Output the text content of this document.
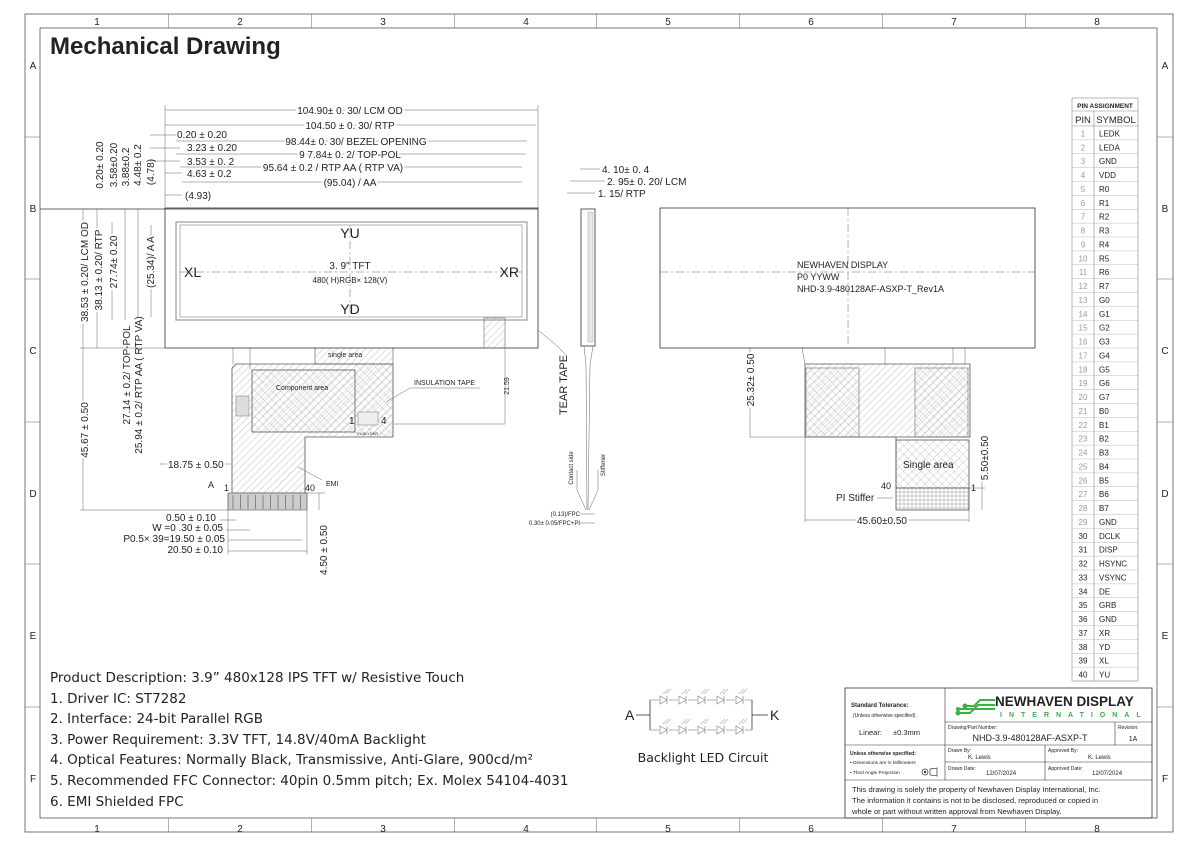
1
1
2
2
3
3
4
4
5
5
6
6
7
7
8
8
A	A
B	B
C	C
D	D
E	E
F	F
Mechanical Drawing
YU
YD
XL	XR
3. 9" TFT
480( H)RGB× 128(V)
104.90± 0. 30/ LCM OD
104.50 ± 0. 30/ RTP
0.20 ± 0.20
98.44± 0. 30/ BEZEL OPENING
3.23 ± 0.20
9 7.84± 0. 2/ TOP-POL
3.53 ± 0. 2
95.64 ± 0.2 / RTP AA ( RTP VA)
4.63 ± 0.2
(95.04) / AA
(4.93)
0.20± 0.20 3.58±0.20 3.88±0.2 4.48± 0.2 (4.78)
38.53 ± 0.20/ LCM OD 38.13 ± 0.20/ RTP 27.74± 0.20	(25.34)/ A A
27.14 ± 0.2/ TOP-POL 25.94 ± 0.2/ RTP AA ( RTP VA)
45.67 ± 0.50
single area
Component area
INSULATION TAPE	21.59
1	4
YUXLYDXR
18.75 ± 0.50
EMI
A 1	40
0.50 ± 0.10
W =0 .30 ± 0.05
P0.5× 39=19.50 ± 0.05
20.50 ± 0.10	4.50 ± 0.50
4. 10± 0. 4
2. 95± 0. 20/ LCM
1. 15/ RTP
TEAR TAPE
Contact side	Stiffener
(0.13)/FPC
0.30± 0.05/FPC+PI
NEWHAVEN DISPLAY
P0 YYWW
NHD-3.9-480128AF-ASXP-T_Rev1A
25.32± 0.50
Single area
40	1
PI Stiffer
5.50±0.50
45.60±0.50
PIN ASSIGNMENT
PIN SYMBOL
1 LEDK
2 LEDA
3 GND
4 VDD
5 R0
6 R1
7 R2
8 R3
9 R4
10 R5
11 R6
12 R7
13 G0
14 G1
15 G2
16 G3
17 G4
18 G5
19 G6
20 G7
21 B0
22 B1
23 B2
24 B3
25 B4
26 B5
27 B6
28 B7
29 GND
30 DCLK
31 DISP
32 HSYNC
33 VSYNC
34 DE
35 GRB
36 GND
37 XR
38 YD
39 XL
40 YU
A	K
Backlight LED Circuit
NEWHAVEN DISPLAY
INTERNATIONAL
Standard Tolerance:
(Unless otherwise specified)
Linear: ±0.3mm
Unless otherwise specified:
• Dimensions are in Millimeters
• Third Angle Projection
Drawing/Part Number:
NHD-3.9-480128AF-ASXP-T
Revision:
1A
Drawn By:
K. Lewis
Approved By:
K. Lewis
Drawn Date:
12/07/2024
Approved Date:
12/07/2024
This drawing is solely the property of Newhaven Display International, Inc.
The information it contains is not to be disclosed, reproduced or copied in
whole or part without written approval from Newhaven Display.
Product Description: 3.9” 480x128 IPS TFT w/ Resistive Touch
1. Driver IC: ST7282
2. Interface: 24-bit Parallel RGB
3. Power Requirement: 3.3V TFT, 14.8V/40mA Backlight
4. Optical Features: Normally Black, Transmissive, Anti-Glare, 900cd/m²
5. Recommended FFC Connector: 40pin 0.5mm pitch; Ex. Molex 54104-4031
6. EMI Shielded FPC
